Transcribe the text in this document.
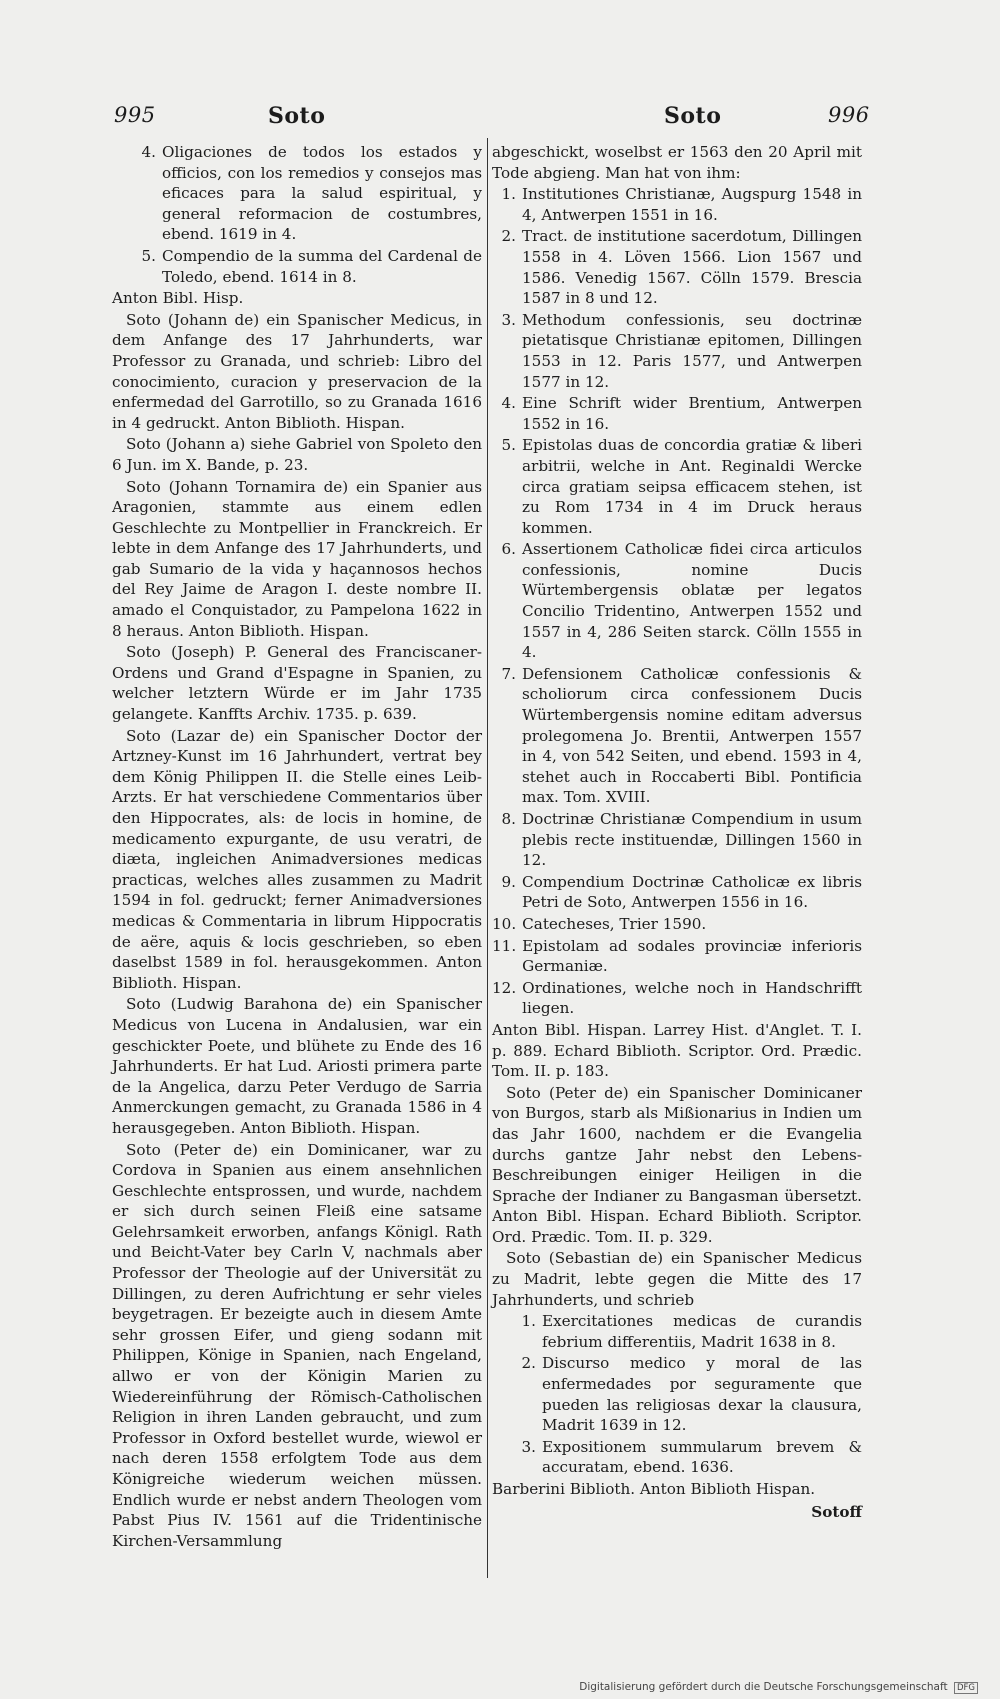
995	Soto	Soto	996
4. Oligaciones de todos los estados y officios, con los remedios y consejos mas eficaces para la salud espiritual, y general reformacion de costumbres, ebend. 1619 in 4.
5. Compendio de la summa del Cardenal de Toledo, ebend. 1614 in 8.

Anton Bibl. Hisp.

Soto (Johann de) ein Spanischer Medicus, in dem Anfange des 17 Jahrhunderts, war Professor zu Granada, und schrieb: Libro del conocimiento, curacion y preservacion de la enfermedad del Garrotillo, so zu Granada 1616 in 4 gedruckt. Anton Biblioth. Hispan.

Soto (Johann a) siehe Gabriel von Spoleto den 6 Jun. im X. Bande, p. 23.

Soto (Johann Tornamira de) ein Spanier aus Aragonien, stammte aus einem edlen Geschlechte zu Montpellier in Franckreich. Er lebte in dem Anfange des 17 Jahrhunderts, und gab Sumario de la vida y haçannosos hechos del Rey Jaime de Aragon I. deste nombre II. amado el Conquistador, zu Pampelona 1622 in 8 heraus. Anton Biblioth. Hispan.

Soto (Joseph) P. General des Franciscaner-Ordens und Grand d'Espagne in Spanien, zu welcher letztern Würde er im Jahr 1735 gelangete. Kanffts Archiv. 1735. p. 639.

Soto (Lazar de) ein Spanischer Doctor der Artzney-Kunst im 16 Jahrhundert, vertrat bey dem König Philippen II. die Stelle eines Leib-Arzts. Er hat verschiedene Commentarios über den Hippocrates, als: de locis in homine, de medicamento expurgante, de usu veratri, de diæta, ingleichen Animadversiones medicas practicas, welches alles zusammen zu Madrit 1594 in fol. gedruckt; ferner Animadversiones medicas & Commentaria in librum Hippocratis de aëre, aquis & locis geschrieben, so eben daselbst 1589 in fol. herausgekommen. Anton Biblioth. Hispan.

Soto (Ludwig Barahona de) ein Spanischer Medicus von Lucena in Andalusien, war ein geschickter Poete, und blühete zu Ende des 16 Jahrhunderts. Er hat Lud. Ariosti primera parte de la Angelica, darzu Peter Verdugo de Sarria Anmerckungen gemacht, zu Granada 1586 in 4 herausgegeben. Anton Biblioth. Hispan.

Soto (Peter de) ein Dominicaner, war zu Cordova in Spanien aus einem ansehnlichen Geschlechte entsprossen, und wurde, nachdem er sich durch seinen Fleiß eine satsame Gelehrsamkeit erworben, anfangs Königl. Rath und Beicht-Vater bey Carln V, nachmals aber Professor der Theologie auf der Universität zu Dillingen, zu deren Aufrichtung er sehr vieles beygetragen. Er bezeigte auch in diesem Amte sehr grossen Eifer, und gieng sodann mit Philippen, Könige in Spanien, nach Engeland, allwo er von der Königin Marien zu Wiedereinführung der Römisch-Catholischen Religion in ihren Landen gebraucht, und zum Professor in Oxford bestellet wurde, wiewol er nach deren 1558 erfolgtem Tode aus dem Königreiche wiederum weichen müssen. Endlich wurde er nebst andern Theologen vom Pabst Pius IV. 1561 auf die Tridentinische Kirchen-Versammlung

abgeschickt, woselbst er 1563 den 20 April mit Tode abgieng. Man hat von ihm:

1. Institutiones Christianæ, Augspurg 1548 in 4, Antwerpen 1551 in 16.
2. Tract. de institutione sacerdotum, Dillingen 1558 in 4. Löven 1566. Lion 1567 und 1586. Venedig 1567. Cölln 1579. Brescia 1587 in 8 und 12.
3. Methodum confessionis, seu doctrinæ pietatisque Christianæ epitomen, Dillingen 1553 in 12. Paris 1577, und Antwerpen 1577 in 12.
4. Eine Schrift wider Brentium, Antwerpen 1552 in 16.
5. Epistolas duas de concordia gratiæ & liberi arbitrii, welche in Ant. Reginaldi Wercke circa gratiam seipsa efficacem stehen, ist zu Rom 1734 in 4 im Druck heraus kommen.
6. Assertionem Catholicæ fidei circa articulos confessionis, nomine Ducis Würtembergensis oblatæ per legatos Concilio Tridentino, Antwerpen 1552 und 1557 in 4, 286 Seiten starck. Cölln 1555 in 4.
7. Defensionem Catholicæ confessionis & scholiorum circa confessionem Ducis Würtembergensis nomine editam adversus prolegomena Jo. Brentii, Antwerpen 1557 in 4, von 542 Seiten, und ebend. 1593 in 4, stehet auch in Roccaberti Bibl. Pontificia max. Tom. XVIII.
8. Doctrinæ Christianæ Compendium in usum plebis recte instituendæ, Dillingen 1560 in 12.
9. Compendium Doctrinæ Catholicæ ex libris Petri de Soto, Antwerpen 1556 in 16.
10. Catecheses, Trier 1590.
11. Epistolam ad sodales provinciæ inferioris Germaniæ.
12. Ordinationes, welche noch in Handschrifft liegen.

Anton Bibl. Hispan. Larrey Hist. d'Anglet. T. I. p. 889. Echard Biblioth. Scriptor. Ord. Prædic. Tom. II. p. 183.

Soto (Peter de) ein Spanischer Dominicaner von Burgos, starb als Mißionarius in Indien um das Jahr 1600, nachdem er die Evangelia durchs gantze Jahr nebst den Lebens-Beschreibungen einiger Heiligen in die Sprache der Indianer zu Bangasman übersetzt. Anton Bibl. Hispan. Echard Biblioth. Scriptor. Ord. Prædic. Tom. II. p. 329.

Soto (Sebastian de) ein Spanischer Medicus zu Madrit, lebte gegen die Mitte des 17 Jahrhunderts, und schrieb

1. Exercitationes medicas de curandis febrium differentiis, Madrit 1638 in 8.
2. Discurso medico y moral de las enfermedades por seguramente que pueden las religiosas dexar la clausura, Madrit 1639 in 12.
3. Expositionem summularum brevem & accuratam, ebend. 1636.

Barberini Biblioth. Anton Biblioth Hispan.

Sotoff

Digitalisierung gefördert durch die Deutsche Forschungsgemeinschaft DFG
